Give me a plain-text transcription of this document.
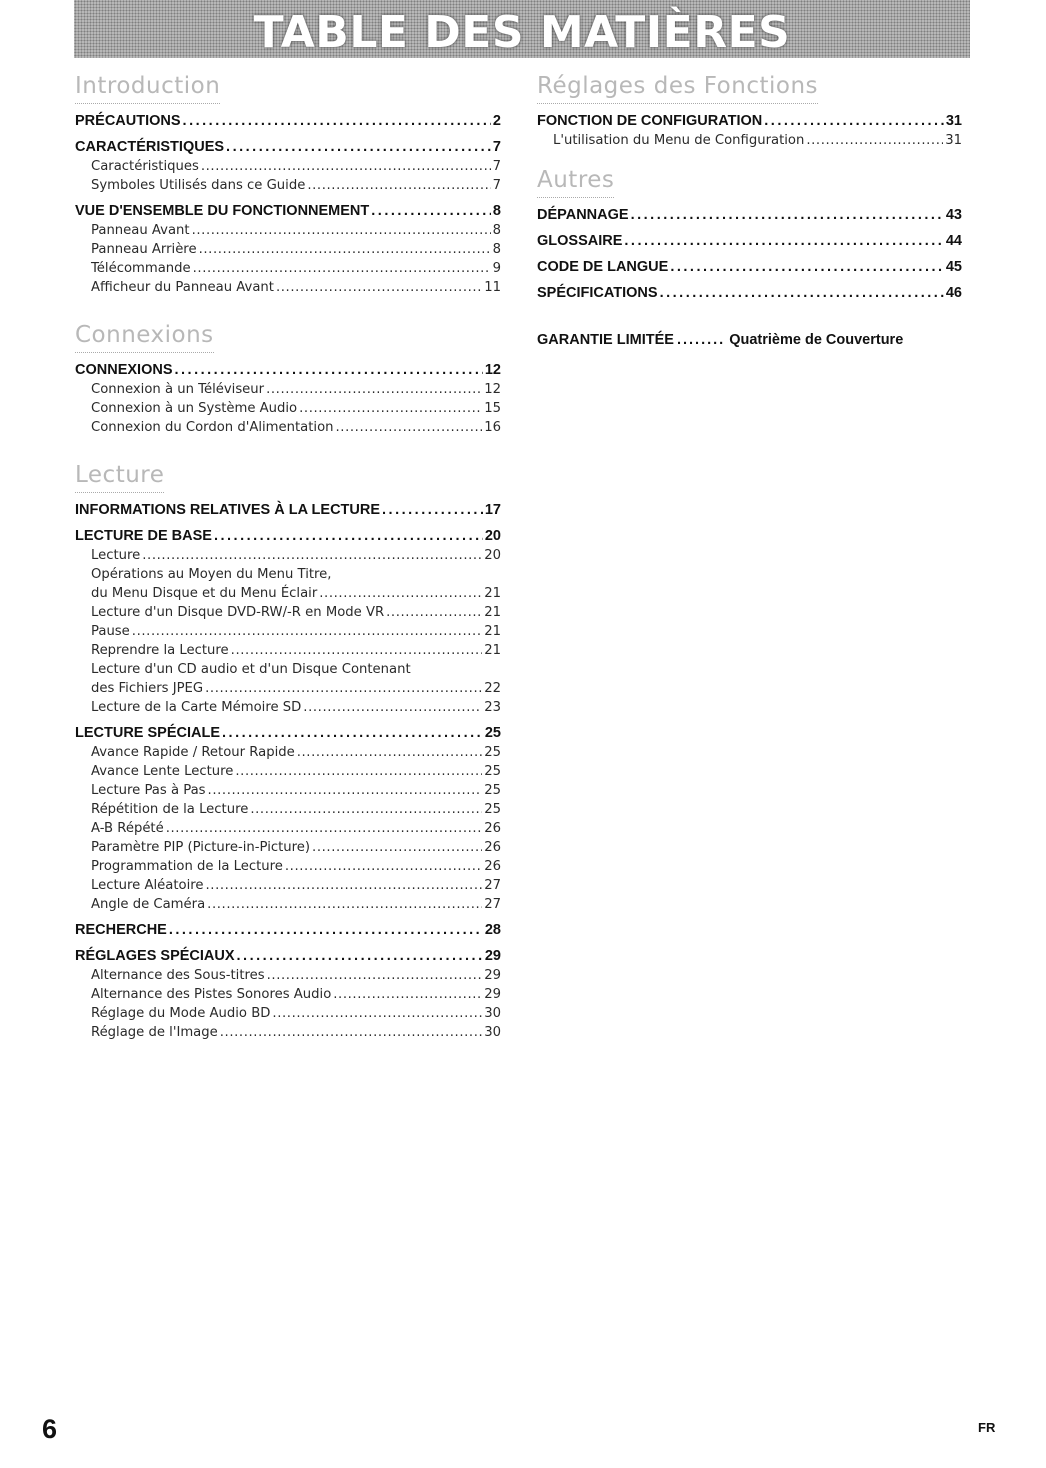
TABLE DES MATIÈRES
Introduction
PRÉCAUTIONS .....	2
CARACTÉRISTIQUES .....	7
Caractéristiques .....	7
Symboles Utilisés dans ce Guide .....	7
VUE D'ENSEMBLE DU FONCTIONNEMENT .....	8
Panneau Avant .....	8
Panneau Arrière .....	8
Télécommande .....	9
Afficheur du Panneau Avant .....	11
Connexions
CONNEXIONS .....	12
Connexion à un Téléviseur .....	12
Connexion à un Système Audio .....	15
Connexion du Cordon d'Alimentation .....	16
Lecture
INFORMATIONS RELATIVES À LA LECTURE .....	17
LECTURE DE BASE .....	20
Lecture .....	20
Opérations au Moyen du Menu Titre,
du Menu Disque et du Menu Éclair .....	21
Lecture d'un Disque DVD-RW/-R en Mode VR .....	21
Pause .....	21
Reprendre la Lecture .....	21
Lecture d'un CD audio et d'un Disque Contenant
des Fichiers JPEG .....	22
Lecture de la Carte Mémoire SD .....	23
LECTURE SPÉCIALE .....	25
Avance Rapide / Retour Rapide .....	25
Avance Lente Lecture .....	25
Lecture Pas à Pas .....	25
Répétition de la Lecture .....	25
A-B Répété .....	26
Paramètre PIP (Picture-in-Picture) .....	26
Programmation de la Lecture .....	26
Lecture Aléatoire .....	27
Angle de Caméra .....	27
RECHERCHE .....	28
RÉGLAGES SPÉCIAUX .....	29
Alternance des Sous-titres .....	29
Alternance des Pistes Sonores Audio .....	29
Réglage du Mode Audio BD .....	30
Réglage de l'Image .....	30
Réglages des Fonctions
FONCTION DE CONFIGURATION .....	31
L'utilisation du Menu de Configuration .....	31
Autres
DÉPANNAGE .....	43
GLOSSAIRE .....	44
CODE DE LANGUE .....	45
SPÉCIFICATIONS .....	46
GARANTIE LIMITÉE ........ Quatrième de Couverture
6	FR
